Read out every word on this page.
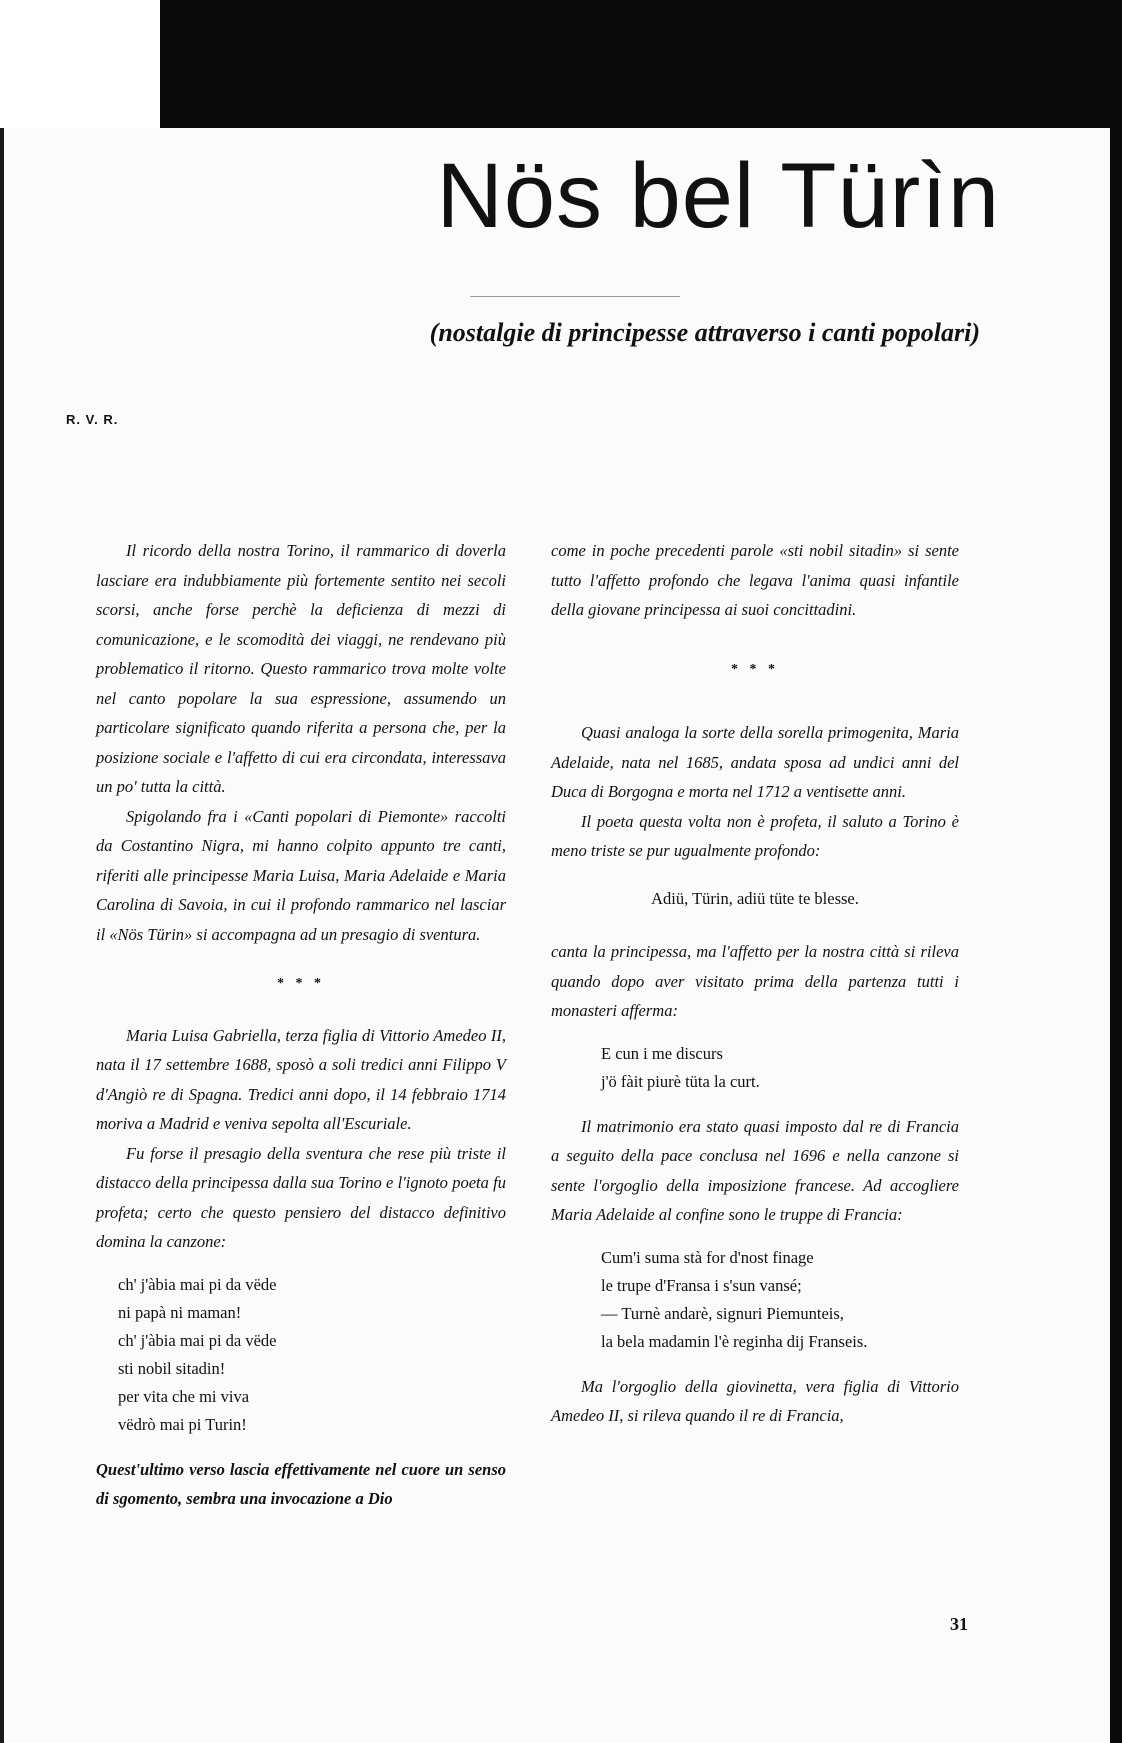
Nös bel Türìn
(nostalgie di principesse attraverso i canti popolari)
R. V. R.

Il ricordo della nostra Torino, il rammarico di doverla lasciare era indubbiamente più fortemente sentito nei secoli scorsi, anche forse perchè la deficienza di mezzi di comunicazione, e le scomodità dei viaggi, ne rendevano più problematico il ritorno. Questo rammarico trova molte volte nel canto popolare la sua espressione, assumendo un particolare significato quando riferita a persona che, per la posizione sociale e l'affetto di cui era circondata, interessava un po' tutta la città.

Spigolando fra i «Canti popolari di Piemonte» raccolti da Costantino Nigra, mi hanno colpito appunto tre canti, riferiti alle principesse Maria Luisa, Maria Adelaide e Maria Carolina di Savoia, in cui il profondo rammarico nel lasciar il «Nös Türin» si accompagna ad un presagio di sventura.

* * *

Maria Luisa Gabriella, terza figlia di Vittorio Amedeo II, nata il 17 settembre 1688, sposò a soli tredici anni Filippo V d'Angiò re di Spagna. Tredici anni dopo, il 14 febbraio 1714 moriva a Madrid e veniva sepolta all'Escuriale.

Fu forse il presagio della sventura che rese più triste il distacco della principessa dalla sua Torino e l'ignoto poeta fu profeta; certo che questo pensiero del distacco definitivo domina la canzone:

ch' j'àbia mai pi da vëde
ni papà ni maman!
ch' j'àbia mai pi da vëde
sti nobil sitadin!
per vita che mi viva
vëdrò mai pi Turin!

Quest'ultimo verso lascia effettivamente nel cuore un senso di sgomento, sembra una invocazione a Dio

come in poche precedenti parole «sti nobil sitadin» si sente tutto l'affetto profondo che legava l'anima quasi infantile della giovane principessa ai suoi concittadini.

* * *

Quasi analoga la sorte della sorella primogenita, Maria Adelaide, nata nel 1685, andata sposa ad undici anni del Duca di Borgogna e morta nel 1712 a ventisette anni.

Il poeta questa volta non è profeta, il saluto a Torino è meno triste se pur ugualmente profondo:

Adiü, Türin, adiü tüte te blesse.

canta la principessa, ma l'affetto per la nostra città si rileva quando dopo aver visitato prima della partenza tutti i monasteri afferma:

E cun i me discurs
j'ö fàit piurè tüta la curt.

Il matrimonio era stato quasi imposto dal re di Francia a seguito della pace conclusa nel 1696 e nella canzone si sente l'orgoglio della imposizione francese. Ad accogliere Maria Adelaide al confine sono le truppe di Francia:

Cum'i suma stà for d'nost finage
le trupe d'Fransa i s'sun vansé;
— Turnè andarè, signuri Piemunteis,
la bela madamin l'è reginha dij Franseis.

Ma l'orgoglio della giovinetta, vera figlia di Vittorio Amedeo II, si rileva quando il re di Francia,

31
